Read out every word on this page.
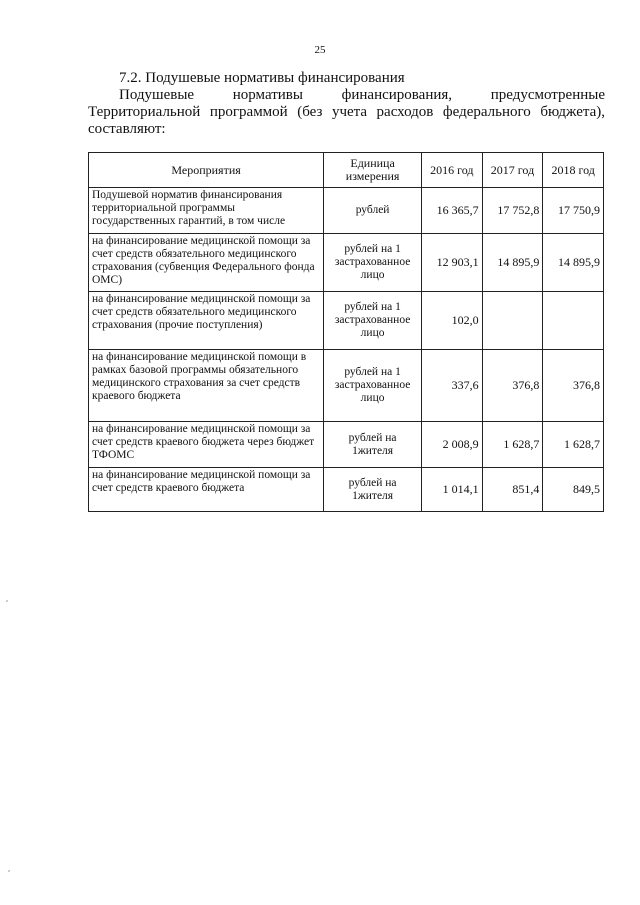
25
7.2. Подушевые нормативы финансирования
Подушевые нормативы финансирования, предусмотренные Территориальной программой (без учета расходов федерального бюджета), составляют:
Мероприятия	Единица измерения	2016 год	2017 год	2018 год
Подушевой норматив финансирования территориальной программы государственных гарантий, в том числе	рублей	16 365,7	17 752,8	17 750,9
на финансирование медицинской помощи за счет средств обязательного медицинского страхования (субвенция Федерального фонда ОМС)	рублей на 1 застрахованное лицо	12 903,1	14 895,9	14 895,9
на финансирование медицинской помощи за счет средств обязательного медицинского страхования (прочие поступления)	рублей на 1 застрахованное лицо	102,0		
на финансирование медицинской помощи в рамках базовой программы обязательного медицинского страхования за счет средств краевого бюджета	рублей на 1 застрахованное лицо	337,6	376,8	376,8
на финансирование медицинской помощи за счет средств краевого бюджета через бюджет ТФОМС	рублей на 1жителя	2 008,9	1 628,7	1 628,7
на финансирование медицинской помощи за счет средств краевого бюджета	рублей на 1жителя	1 014,1	851,4	849,5
